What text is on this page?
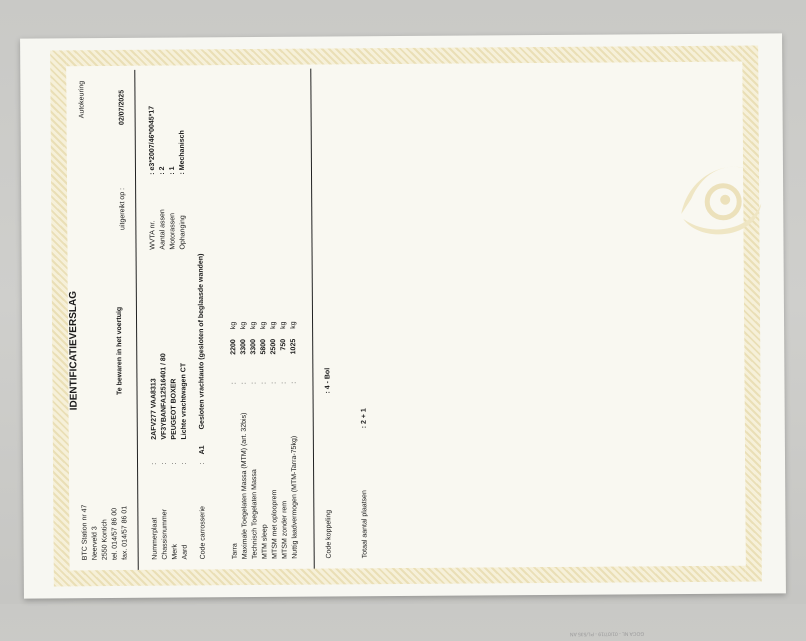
GOCA NL - 01/07/19 - PL/535 AN
BTC Station nr 47 Neerveld 3 2550 Kontich tel. 014/57 86 00 fax. 014/57 86 01
IDENTIFICATIEVERSLAG	Te bewaren in het voertuig
Autokeuring
uitgereikt op :
02/07/2025
Nummerplaat
:
2AFV277 VAA8313
Chassisnummer
:
VF3YBANFA12516401 / 80
Merk
:
PEUGEOT BOXER
Aard
:
Lichte vrachtwagen CT
Code carrosserie
:
A1
Gesloten vrachtauto (gesloten of beglaasde wanden)
WVTA nr.
: e3*2007/46*0045*17
Aantal assen
: 2
Motorassen
: 1
Ophanging
: Mechanisch
Tarra
:
2200
kg
Maximale Toegelaten Massa (MTM) (art. 32bis)
:
3300
kg
Technisch Toegelaten Massa
:
3300
kg
MTM sleep
:
5800
kg
MTSM met oplooprem
:
2500
kg
MTSM zonder rem
:
750
kg
Nuttig laadvermogen (MTM-Tarra-75kg)
:
1025
kg
Code koppeling
: 4 - Bol
Totaal aantal plaatsen
: 2 + 1
